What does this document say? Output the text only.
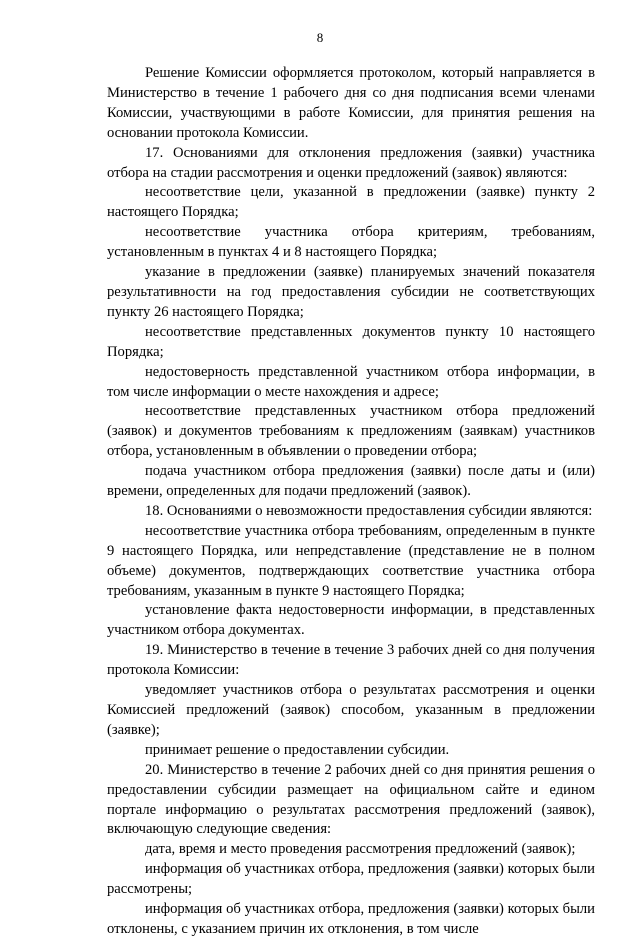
8

Решение Комиссии оформляется протоколом, который направляется в Министерство в течение 1 рабочего дня со дня подписания всеми членами Комиссии, участвующими в работе Комиссии, для принятия решения на основании протокола Комиссии.

17. Основаниями для отклонения предложения (заявки) участника отбора на стадии рассмотрения и оценки предложений (заявок) являются:

несоответствие цели, указанной в предложении (заявке) пункту 2 настоящего Порядка;

несоответствие участника отбора критериям, требованиям, установленным в пунктах 4 и 8 настоящего Порядка;

указание в предложении (заявке) планируемых значений показателя результативности на год предоставления субсидии не соответствующих пункту 26 настоящего Порядка;

несоответствие представленных документов пункту 10 настоящего Порядка;

недостоверность представленной участником отбора информации, в том числе информации о месте нахождения и адресе;

несоответствие представленных участником отбора предложений (заявок) и документов требованиям к предложениям (заявкам) участников отбора, установленным в объявлении о проведении отбора;

подача участником отбора предложения (заявки) после даты и (или) времени, определенных для подачи предложений (заявок).

18. Основаниями о невозможности предоставления субсидии являются:

несоответствие участника отбора требованиям, определенным в пункте 9 настоящего Порядка, или непредставление (представление не в полном объеме) документов, подтверждающих соответствие участника отбора требованиям, указанным в пункте 9 настоящего Порядка;

установление факта недостоверности информации, в представленных участником отбора документах.

19. Министерство в течение в течение 3 рабочих дней со дня получения протокола Комиссии:

уведомляет участников отбора о результатах рассмотрения и оценки Комиссией предложений (заявок) способом, указанным в предложении (заявке);

принимает решение о предоставлении субсидии.

20. Министерство в течение 2 рабочих дней со дня принятия решения о предоставлении субсидии размещает на официальном сайте и едином портале информацию о результатах рассмотрения предложений (заявок), включающую следующие сведения:

дата, время и место проведения рассмотрения предложений (заявок);

информация об участниках отбора, предложения (заявки) которых были рассмотрены;

информация об участниках отбора, предложения (заявки) которых были отклонены, с указанием причин их отклонения, в том числе
